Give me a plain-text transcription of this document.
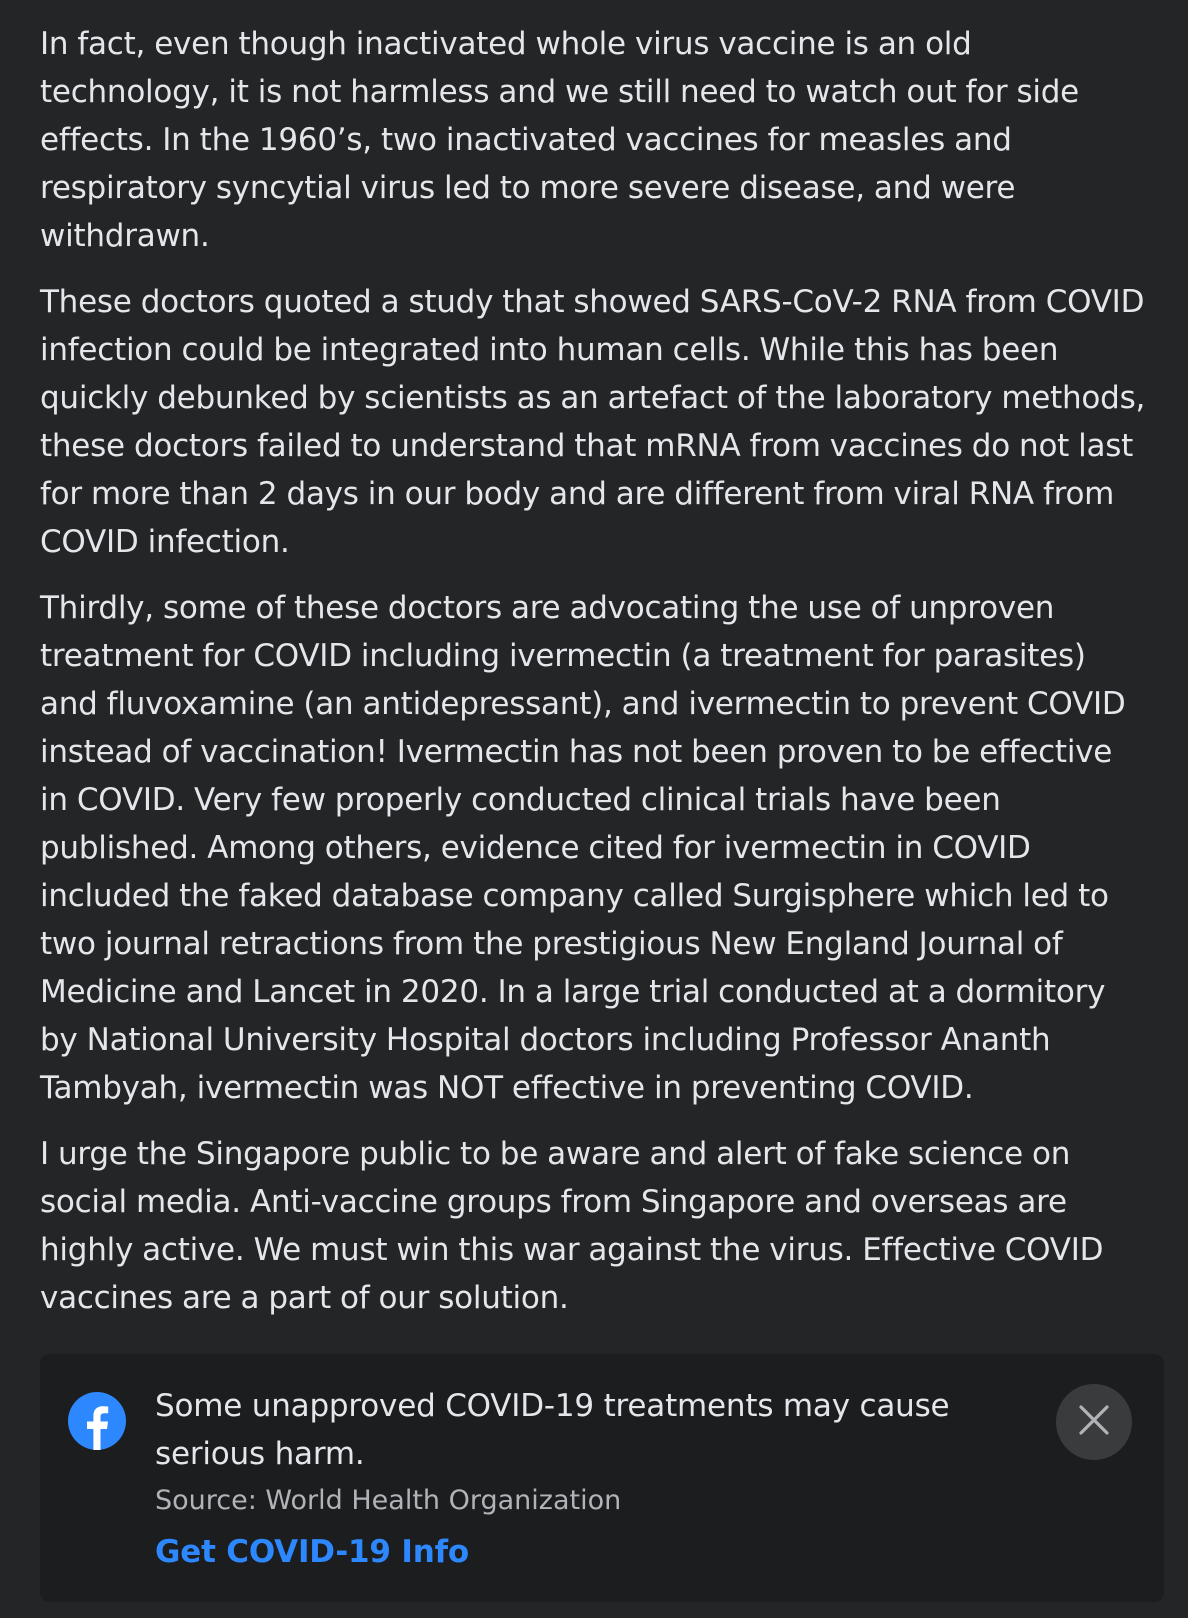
In fact, even though inactivated whole virus vaccine is an old technology, it is not harmless and we still need to watch out for side effects. In the 1960’s, two inactivated vaccines for measles and respiratory syncytial virus led to more severe disease, and were withdrawn.

These doctors quoted a study that showed SARS-CoV-2 RNA from COVID infection could be integrated into human cells. While this has been quickly debunked by scientists as an artefact of the laboratory methods, these doctors failed to understand that mRNA from vaccines do not last for more than 2 days in our body and are different from viral RNA from COVID infection.

Thirdly, some of these doctors are advocating the use of unproven treatment for COVID including ivermectin (a treatment for parasites) and fluvoxamine (an antidepressant), and ivermectin to prevent COVID instead of vaccination! Ivermectin has not been proven to be effective in COVID. Very few properly conducted clinical trials have been published. Among others, evidence cited for ivermectin in COVID included the faked database company called Surgisphere which led to two journal retractions from the prestigious New England Journal of Medicine and Lancet in 2020. In a large trial conducted at a dormitory by National University Hospital doctors including Professor Ananth Tambyah, ivermectin was NOT effective in preventing COVID.

I urge the Singapore public to be aware and alert of fake science on social media. Anti-vaccine groups from Singapore and overseas are highly active. We must win this war against the virus. Effective COVID vaccines are a part of our solution.

Some unapproved COVID-19 treatments may cause serious harm.
Source: World Health Organization
Get COVID-19 Info
